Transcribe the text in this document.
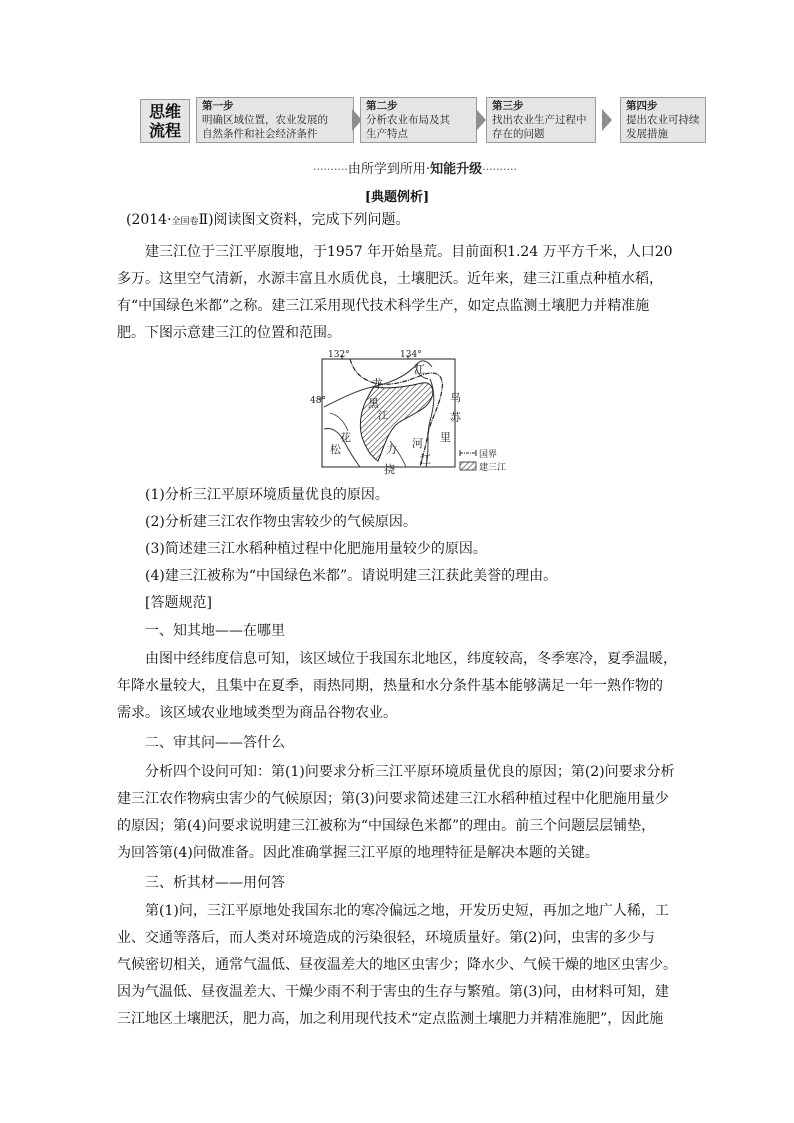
思维
流程
第一步
明确区域位置，农业发展的
自然条件和社会经济条件
第二步
分析农业布局及其
生产特点
第三步
找出农业生产过程中
存在的问题
第四步
提出农业可持续
发展措施
··········由所学到所用·知能升级··········
[典题例析]
(2014·全国卷Ⅱ)阅读图文资料，完成下列问题。
建三江位于三江平原腹地，于1957 年开始垦荒。目前面积1.24 万平方千米，人口20
多万。这里空气清新，水源丰富且水质优良，土壤肥沃。近年来，建三江重点种植水稻，
有“中国绿色米都”之称。建三江采用现代技术科学生产，如定点监测土壤肥力并精准施
肥。下图示意建三江的位置和范围。
132°	134°
48°
龙
江
黑
江
花
松
乌
苏
里
力 河
挠
江	国界
建三江
(1)分析三江平原环境质量优良的原因。
(2)分析建三江农作物虫害较少的气候原因。
(3)简述建三江水稻种植过程中化肥施用量较少的原因。
(4)建三江被称为“中国绿色米都”。请说明建三江获此美誉的理由。
[答题规范]
一、知其地——在哪里
由图中经纬度信息可知，该区域位于我国东北地区，纬度较高，冬季寒冷，夏季温暖，
年降水量较大，且集中在夏季，雨热同期，热量和水分条件基本能够满足一年一熟作物的
需求。该区域农业地域类型为商品谷物农业。
二、审其问——答什么
分析四个设问可知：第(1)问要求分析三江平原环境质量优良的原因；第(2)问要求分析
建三江农作物病虫害少的气候原因；第(3)问要求简述建三江水稻种植过程中化肥施用量少
的原因；第(4)问要求说明建三江被称为“中国绿色米都”的理由。前三个问题层层铺垫，
为回答第(4)问做准备。因此准确掌握三江平原的地理特征是解决本题的关键。
三、析其材——用何答
第(1)问，三江平原地处我国东北的寒冷偏远之地，开发历史短，再加之地广人稀，工
业、交通等落后，而人类对环境造成的污染很轻，环境质量好。第(2)问，虫害的多少与
气候密切相关，通常气温低、昼夜温差大的地区虫害少；降水少、气候干燥的地区虫害少。
因为气温低、昼夜温差大、干燥少雨不利于害虫的生存与繁殖。第(3)问，由材料可知，建
三江地区土壤肥沃，肥力高，加之利用现代技术“定点监测土壤肥力并精准施肥”，因此施
